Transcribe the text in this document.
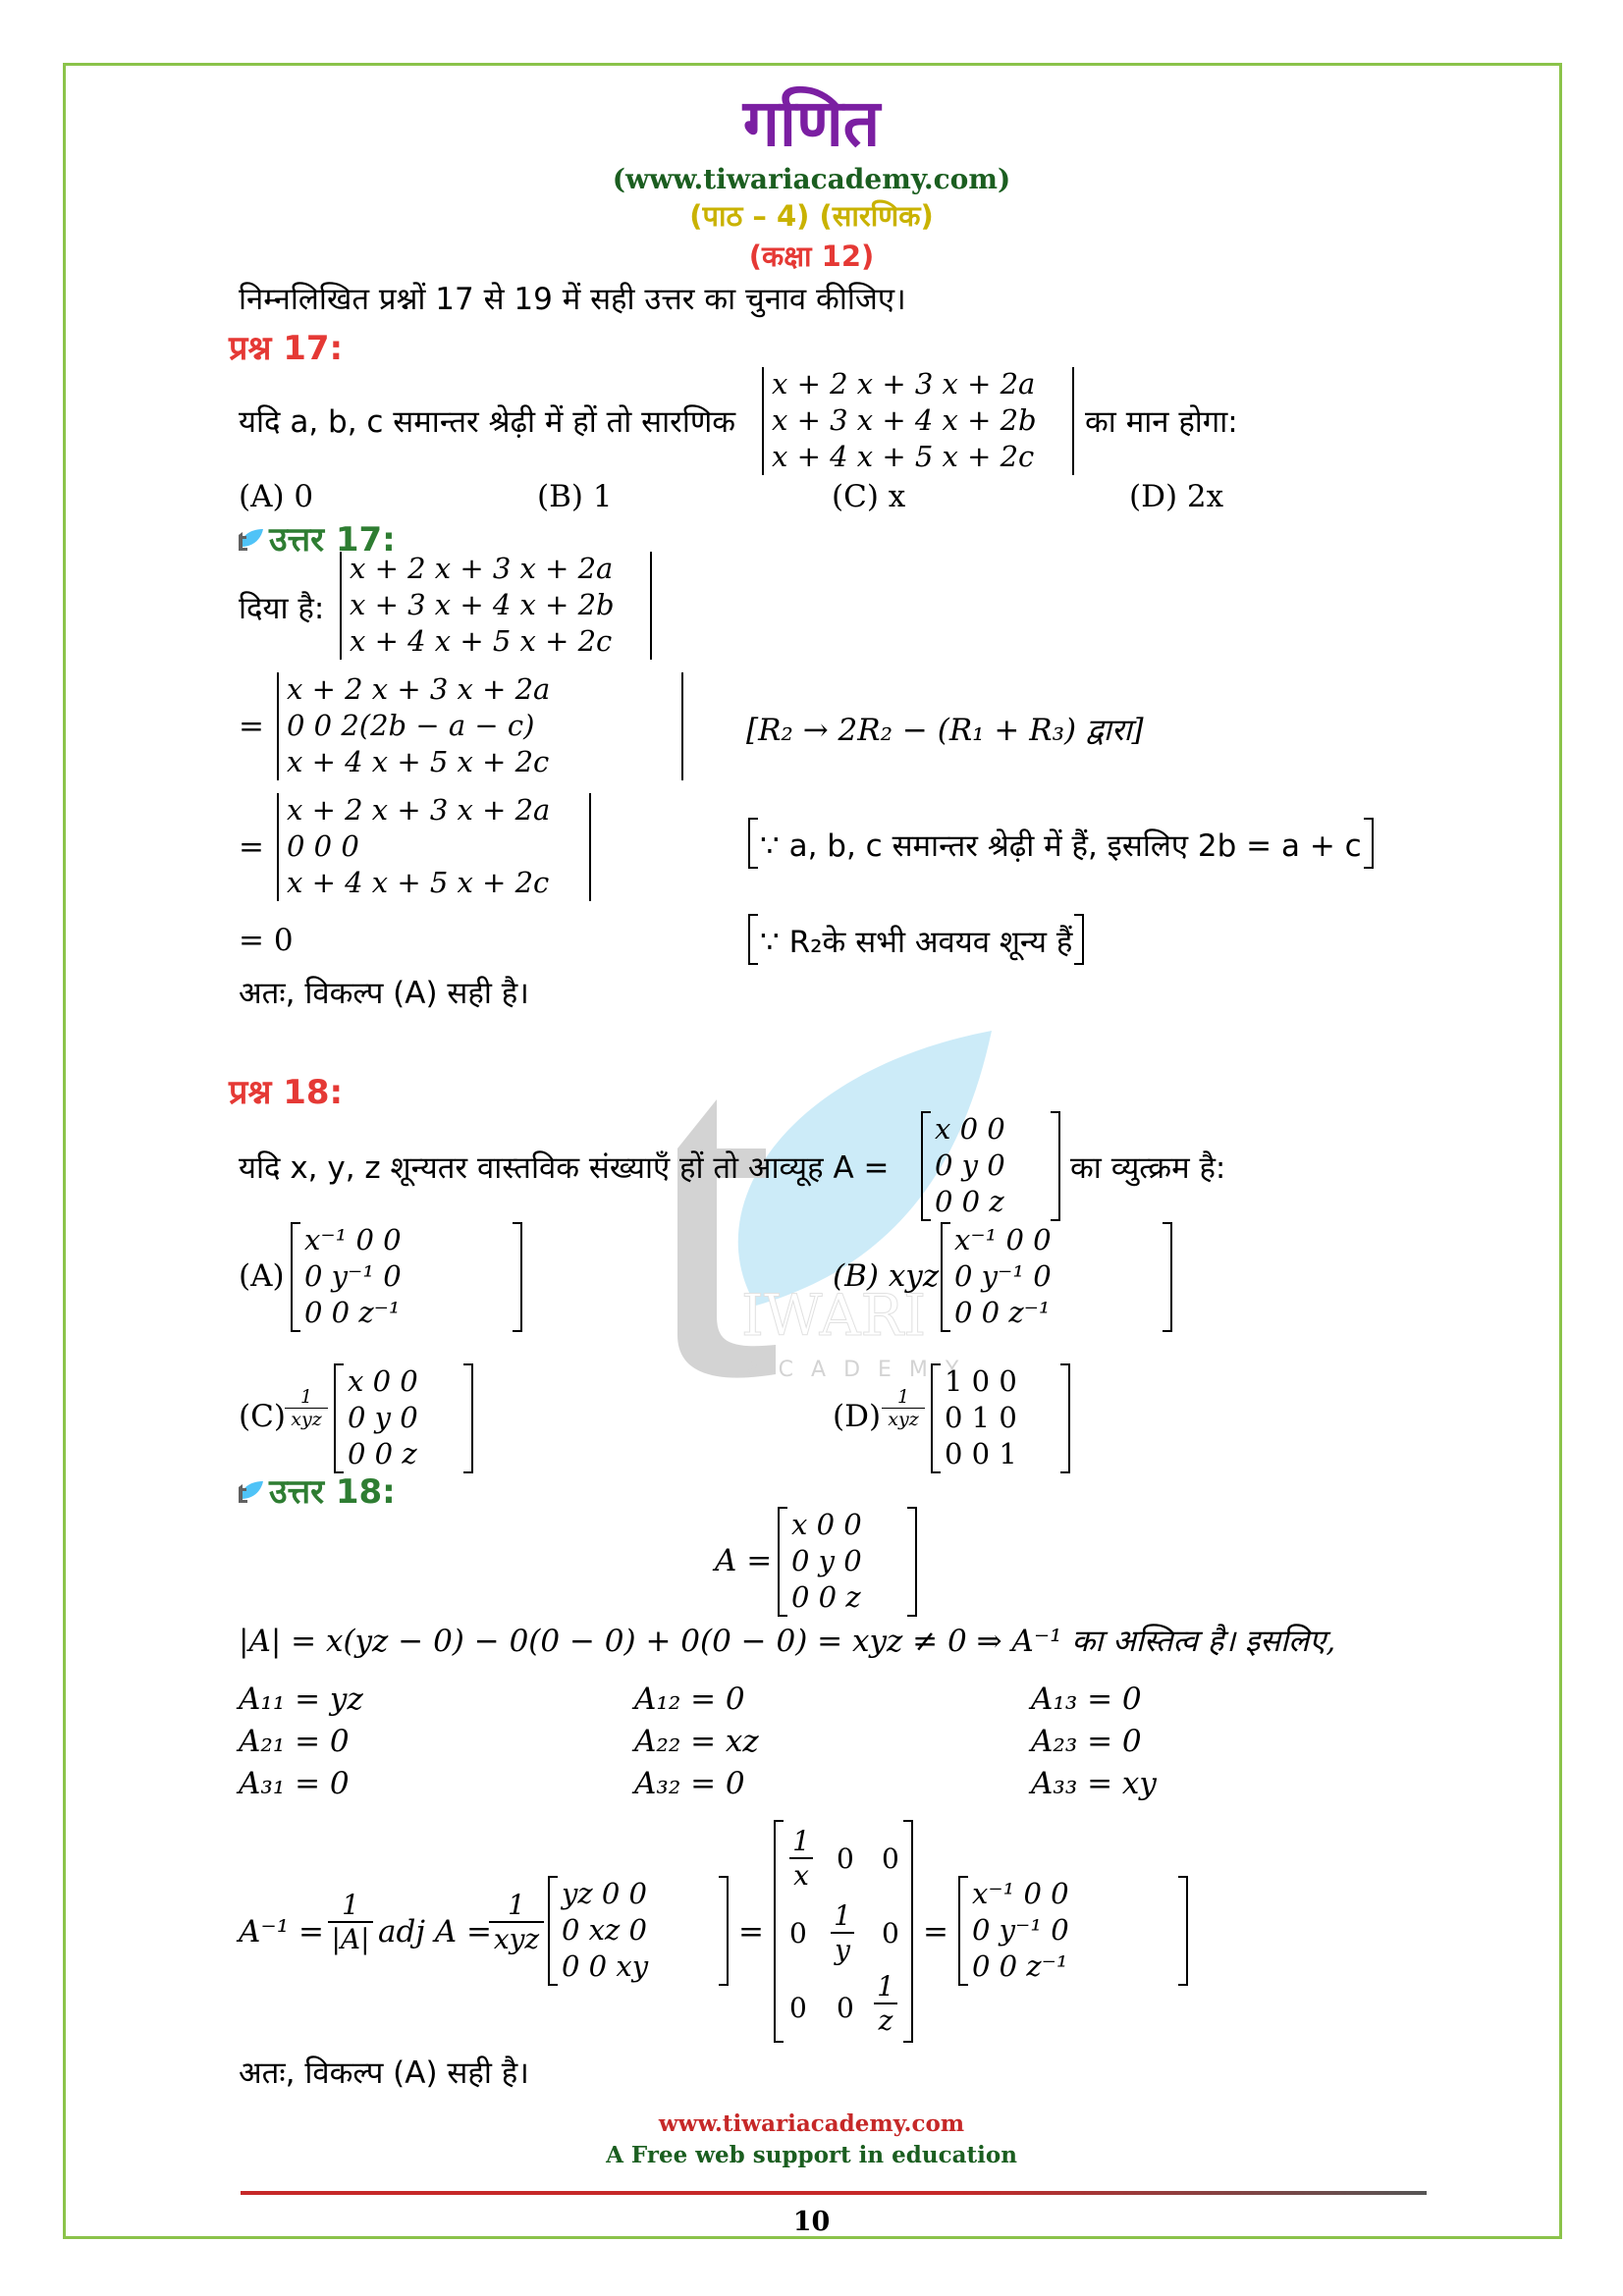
IWARI
ACADEMY
गणित
(www.tiwariacademy.com)
(पाठ – 4) (सारणिक)
(कक्षा 12)
निम्नलिखित प्रश्नों 17 से 19 में सही उत्तर का चुनाव कीजिए।
प्रश्न 17:
यदि a, b, c समान्तर श्रेढ़ी में हों तो सारणिक
x + 2 x + 3 x + 2a
x + 3 x + 4 x + 2b
x + 4 x + 5 x + 2c
का मान होगा:
(A) 0	(B) 1	(C) x	(D) 2x
उत्तर 17:
दिया है:
x + 2 x + 3 x + 2a
x + 3 x + 4 x + 2b
x + 4 x + 5 x + 2c
=
x + 2 x + 3 x + 2a
0 0 2(2b − a − c)
x + 4 x + 5 x + 2c
[R₂ → 2R₂ − (R₁ + R₃) द्वारा]
=
x + 2 x + 3 x + 2a
0 0 0
x + 4 x + 5 x + 2c
∵ a, b, c समान्तर श्रेढ़ी में हैं, इसलिए 2b = a + c
= 0	∵ R₂के सभी अवयव शून्य हैं
अतः, विकल्प (A) सही है।
प्रश्न 18:
यदि x, y, z शून्यतर वास्तविक संख्याएँ हों तो आव्यूह A =
x 0 0
0 y 0
0 0 z
का व्युत्क्रम है:
(A)
x⁻¹ 0 0
0 y⁻¹ 0
0 0 z⁻¹
(B) xyz
x⁻¹ 0 0
0 y⁻¹ 0
0 0 z⁻¹
(C)
1
xyz
x 0 0
0 y 0
0 0 z
(D)
1
xyz
1 0 0
0 1 0
0 0 1
उत्तर 18:
A =
x 0 0
0 y 0
0 0 z
|A| = x(yz − 0) − 0(0 − 0) + 0(0 − 0) = xyz ≠ 0 ⇒ A⁻¹ का अस्तित्व है। इसलिए,
A₁₁ = yz	A₁₂ = 0	A₁₃ = 0
A₂₁ = 0	A₂₂ = xz	A₂₃ = 0
A₃₁ = 0	A₃₂ = 0	A₃₃ = xy
$A^{-1} = \frac{1}{|A|}$ adj A =
1
xyz
yz 0 0
0 xz 0
0 0 xy
=
$\frac{1}{x} 0$ 0
$0 \frac{1}{y} 0$
0 $0 \frac{1}{z}$
=
x⁻¹ 0 0
0 y⁻¹ 0
0 0 z⁻¹
अतः, विकल्प (A) सही है।
www.tiwariacademy.com
A Free web support in education
10
